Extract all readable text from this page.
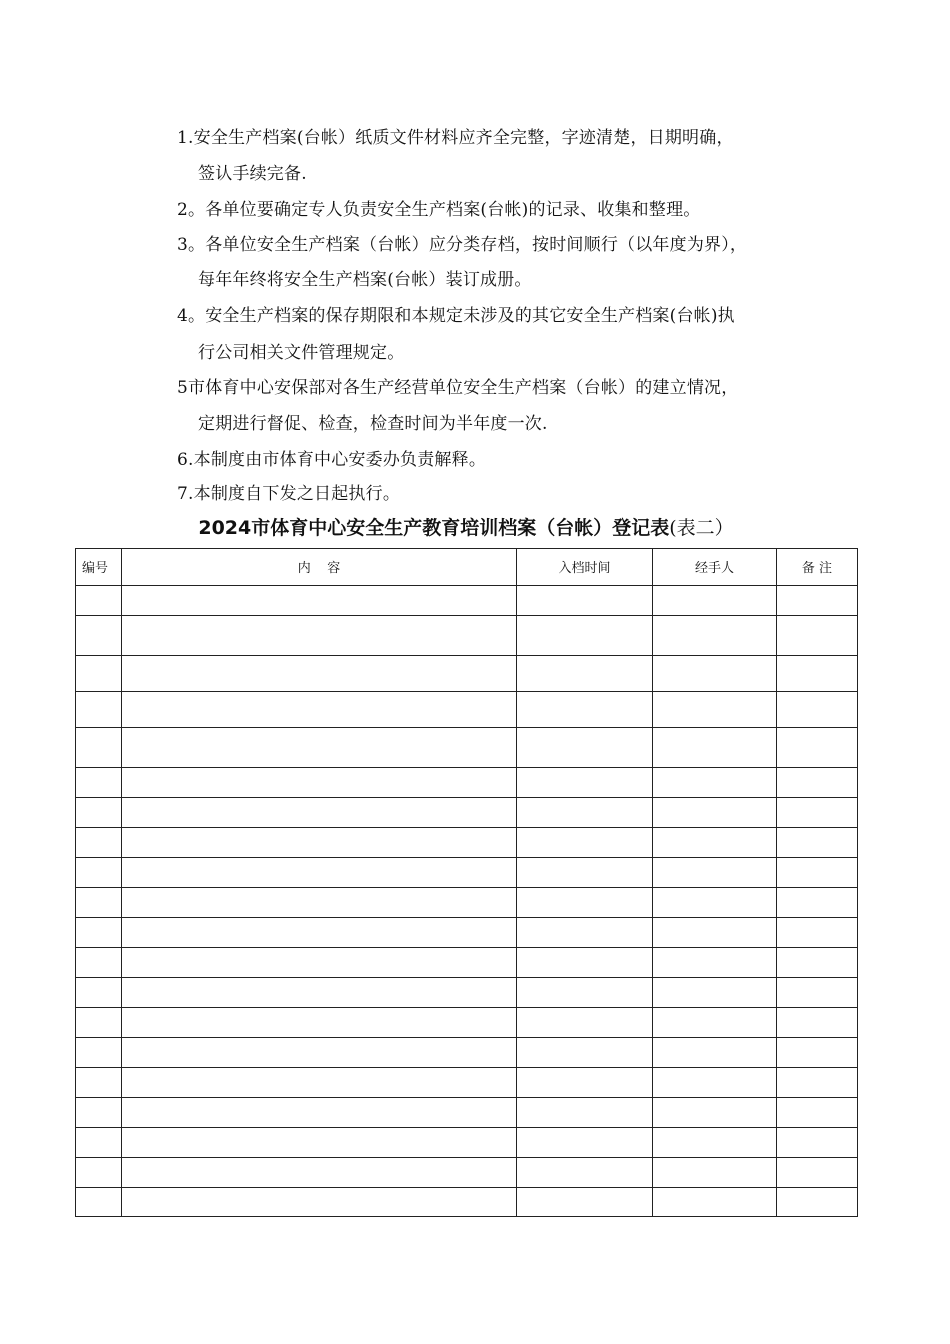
1.安全生产档案(台帐）纸质文件材料应齐全完整，字迹清楚，日期明确，
签认手续完备.
2。各单位要确定专人负责安全生产档案(台帐)的记录、收集和整理。
3。各单位安全生产档案（台帐）应分类存档，按时间顺行（以年度为界），
每年年终将安全生产档案(台帐）装订成册。
4。安全生产档案的保存期限和本规定未涉及的其它安全生产档案(台帐)执
行公司相关文件管理规定。
5市体育中心安保部对各生产经营单位安全生产档案（台帐）的建立情况，
定期进行督促、检查，检查时间为半年度一次.
6.本制度由市体育中心安委办负责解释。
7.本制度自下发之日起执行。
2024市体育中心安全生产教育培训档案（台帐）登记表(表二）
编号	内    容	入档时间	经手人	备 注
